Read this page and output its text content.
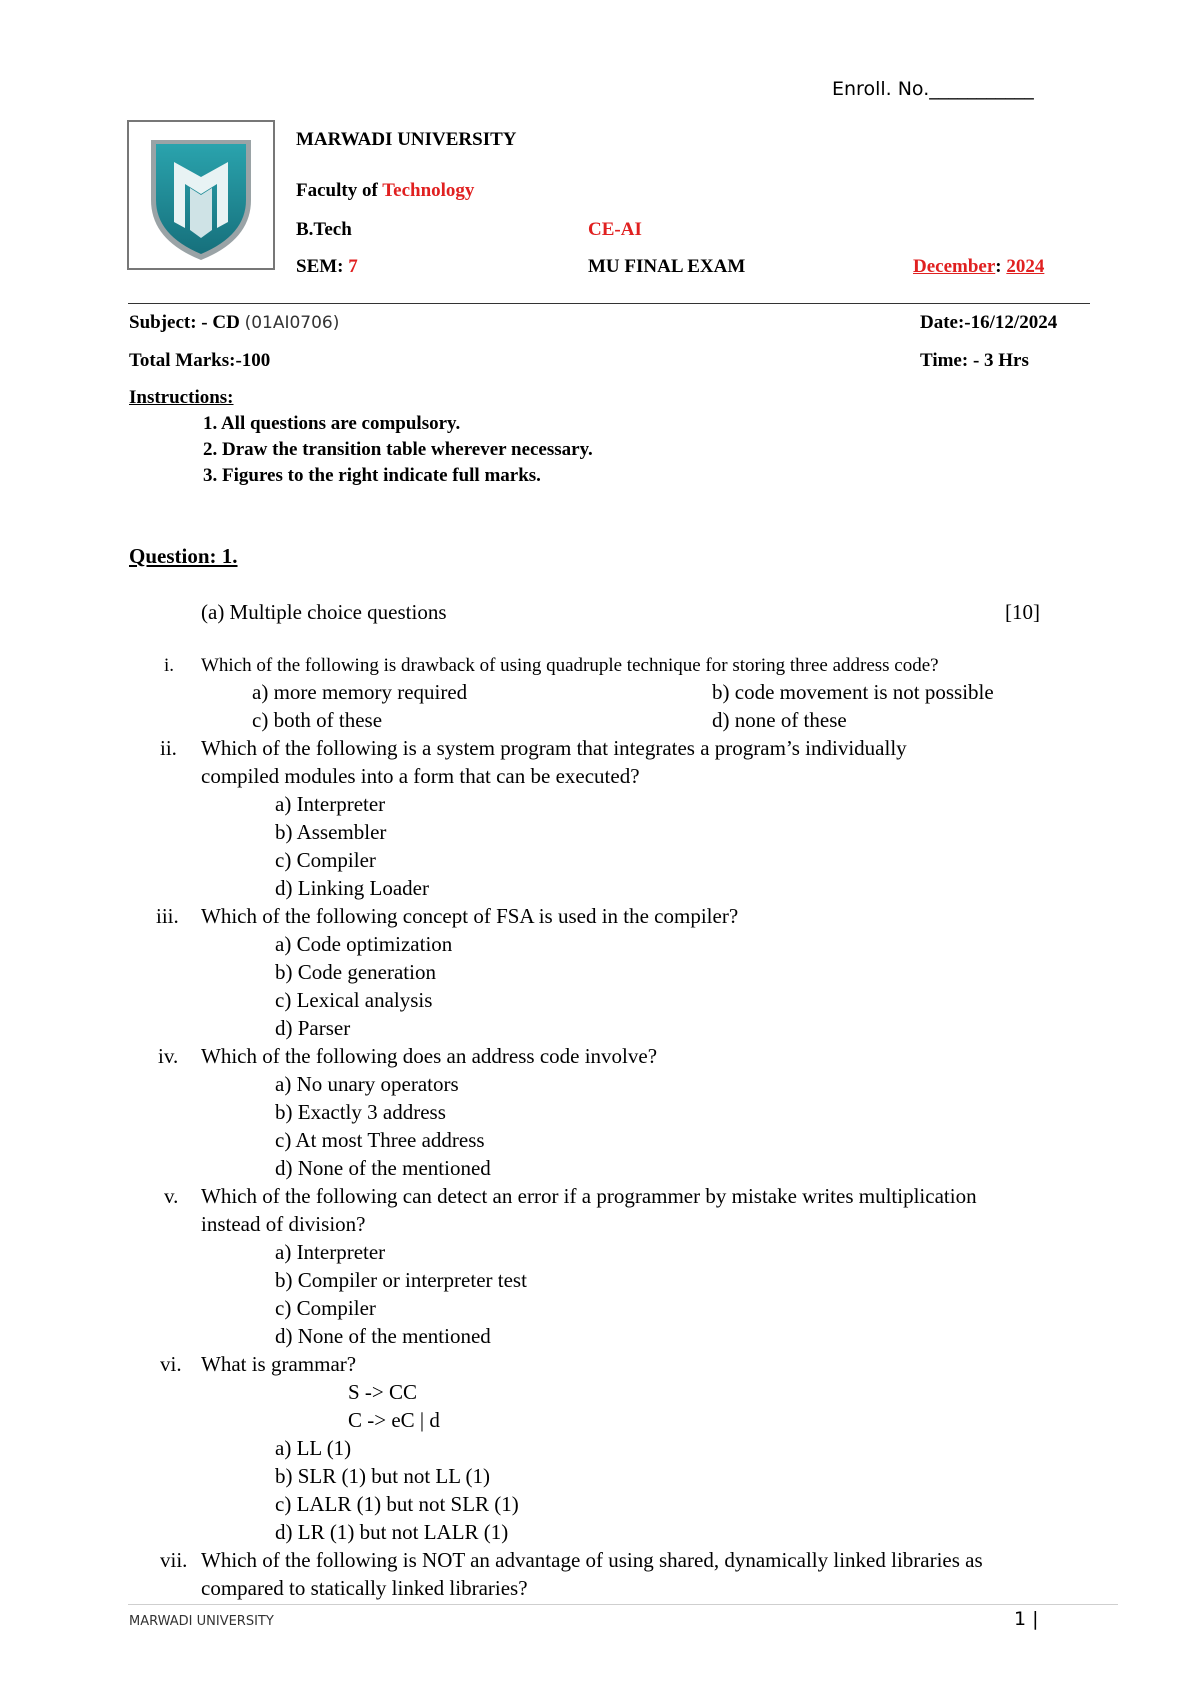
Enroll. No.___________
MARWADI UNIVERSITY
Faculty of Technology
B.Tech	CE-AI
SEM: 7	MU FINAL EXAM	December: 2024
Subject: - CD (01AI0706)	Date:-16/12/2024
Total Marks:-100	Time: - 3 Hrs
Instructions:
1. All questions are compulsory.
2. Draw the transition table wherever necessary.
3. Figures to the right indicate full marks.
Question: 1.
(a) Multiple choice questions	[10]
i. Which of the following is drawback of using quadruple technique for storing three address code?
a) more memory required	b) code movement is not possible
c) both of these	d) none of these
ii. Which of the following is a system program that integrates a program’s individually
compiled modules into a form that can be executed?
a) Interpreter
b) Assembler
c) Compiler
d) Linking Loader
iii. Which of the following concept of FSA is used in the compiler?
a) Code optimization
b) Code generation
c) Lexical analysis
d) Parser
iv. Which of the following does an address code involve?
a) No unary operators
b) Exactly 3 address
c) At most Three address
d) None of the mentioned
v. Which of the following can detect an error if a programmer by mistake writes multiplication
instead of division?
a) Interpreter
b) Compiler or interpreter test
c) Compiler
d) None of the mentioned
vi. What is grammar?
S -> CC
C -> eC | d
a) LL (1)
b) SLR (1) but not LL (1)
c) LALR (1) but not SLR (1)
d) LR (1) but not LALR (1)
vii. Which of the following is NOT an advantage of using shared, dynamically linked libraries as
compared to statically linked libraries?
MARWADI UNIVERSITY	1 |
